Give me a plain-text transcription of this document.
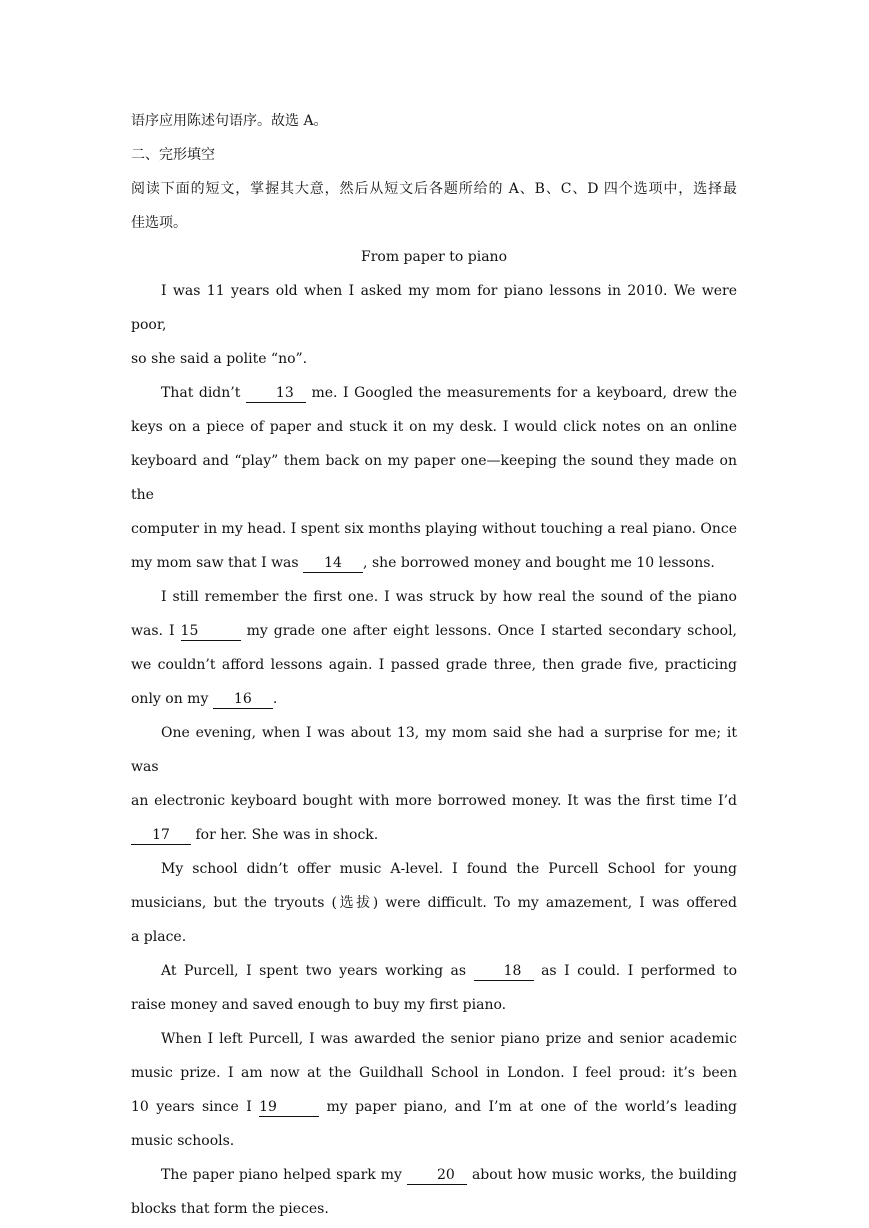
语序应用陈述句语序。故选 A。
二、完形填空
阅读下面的短文，掌握其大意，然后从短文后各题所给的 A、B、C、D 四个选项中，选择最
佳选项。
From paper to piano
I was 11 years old when I asked my mom for piano lessons in 2010. We were poor,
so she said a polite “no”.
That didn’t	13 me. I Googled the measurements for a keyboard, drew the
keys on a piece of paper and stuck it on my desk. I would click notes on an online
keyboard and “play” them back on my paper one—keeping the sound they made on the
computer in my head. I spent six months playing without touching a real piano. Once
my mom saw that I was 14 , she borrowed money and bought me 10 lessons.
I still remember the first one. I was struck by how real the sound of the piano
was. I 15	my grade one after eight lessons. Once I started secondary school,
we couldn’t afford lessons again. I passed grade three, then grade five, practicing
only on my 16 .
One evening, when I was about 13, my mom said she had a surprise for me; it was
an electronic keyboard bought with more borrowed money. It was the first time I’d
17 for her. She was in shock.
My school didn’t offer music A-level. I found the Purcell School for young
musicians, but the tryouts (选拔) were difficult. To my amazement, I was offered
a place.
At Purcell, I spent two years working as	18 as I could. I performed to
raise money and saved enough to buy my first piano.
When I left Purcell, I was awarded the senior piano prize and senior academic
music prize. I am now at the Guildhall School in London. I feel proud: it’s been
10 years since I 19	my paper piano, and I’m at one of the world’s leading
music schools.
The paper piano helped spark my	20 about how music works, the building
blocks that form the pieces.
